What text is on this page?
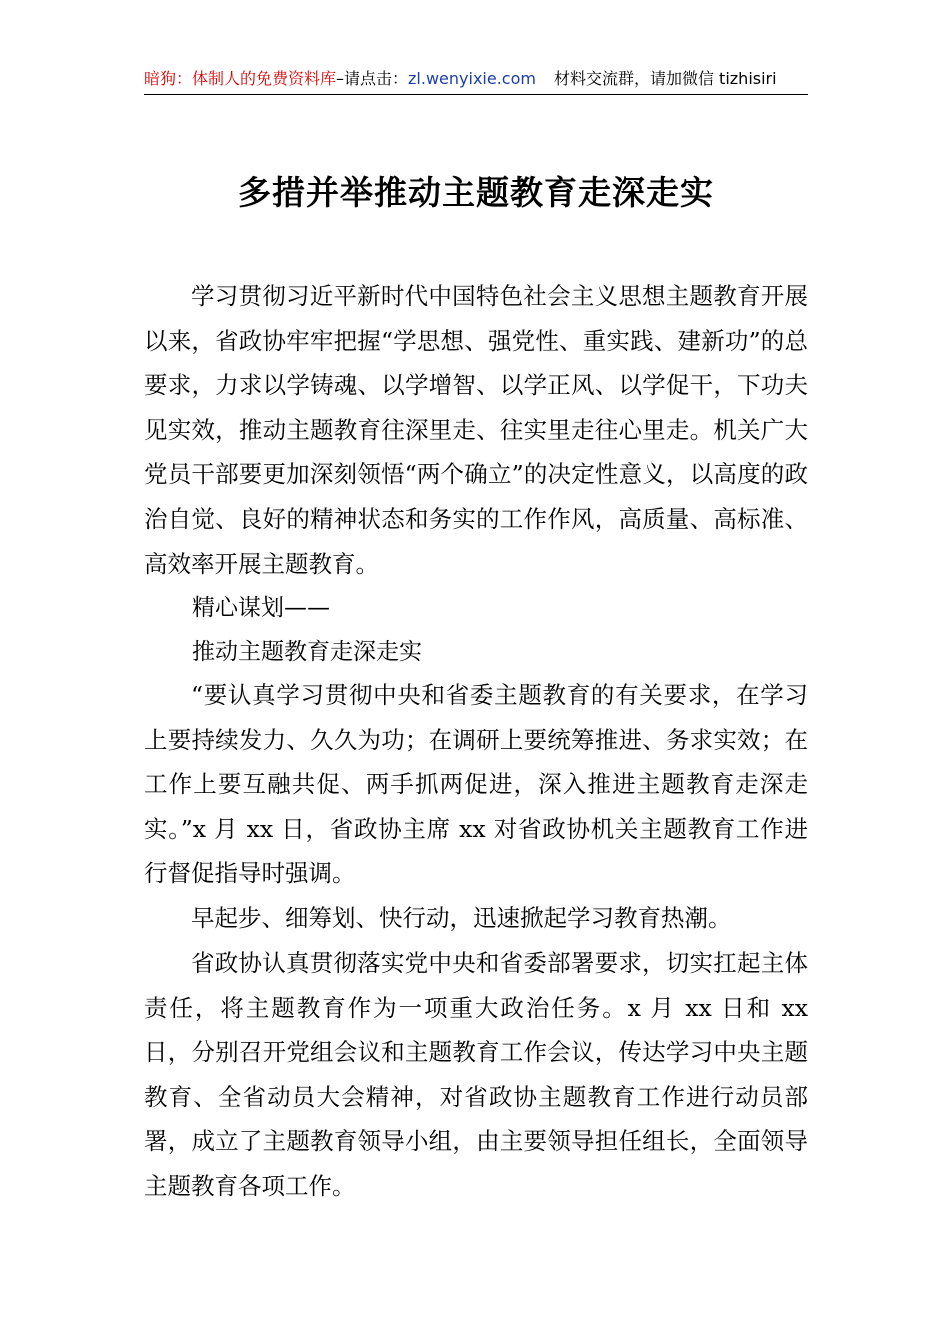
暗狗：体制人的免费资料库–请点击：zl.wenyixie.com 材料交流群，请加微信 tizhisiri
多措并举推动主题教育走深走实

学习贯彻习近平新时代中国特色社会主义思想主题教育开展以来，省政协牢牢把握“学思想、强党性、重实践、建新功”的总要求，力求以学铸魂、以学增智、以学正风、以学促干，下功夫见实效，推动主题教育往深里走、往实里走往心里走。机关广大党员干部要更加深刻领悟“两个确立”的决定性意义，以高度的政治自觉、良好的精神状态和务实的工作作风，高质量、高标准、高效率开展主题教育。

精心谋划——

推动主题教育走深走实

“要认真学习贯彻中央和省委主题教育的有关要求，在学习上要持续发力、久久为功；在调研上要统筹推进、务求实效；在工作上要互融共促、两手抓两促进，深入推进主题教育走深走实。”x 月 xx 日，省政协主席 xx 对省政协机关主题教育工作进行督促指导时强调。

早起步、细筹划、快行动，迅速掀起学习教育热潮。

省政协认真贯彻落实党中央和省委部署要求，切实扛起主体责任，将主题教育作为一项重大政治任务。x 月 xx 日和 xx 日，分别召开党组会议和主题教育工作会议，传达学习中央主题教育、全省动员大会精神，对省政协主题教育工作进行动员部署，成立了主题教育领导小组，由主要领导担任组长，全面领导主题教育各项工作。
